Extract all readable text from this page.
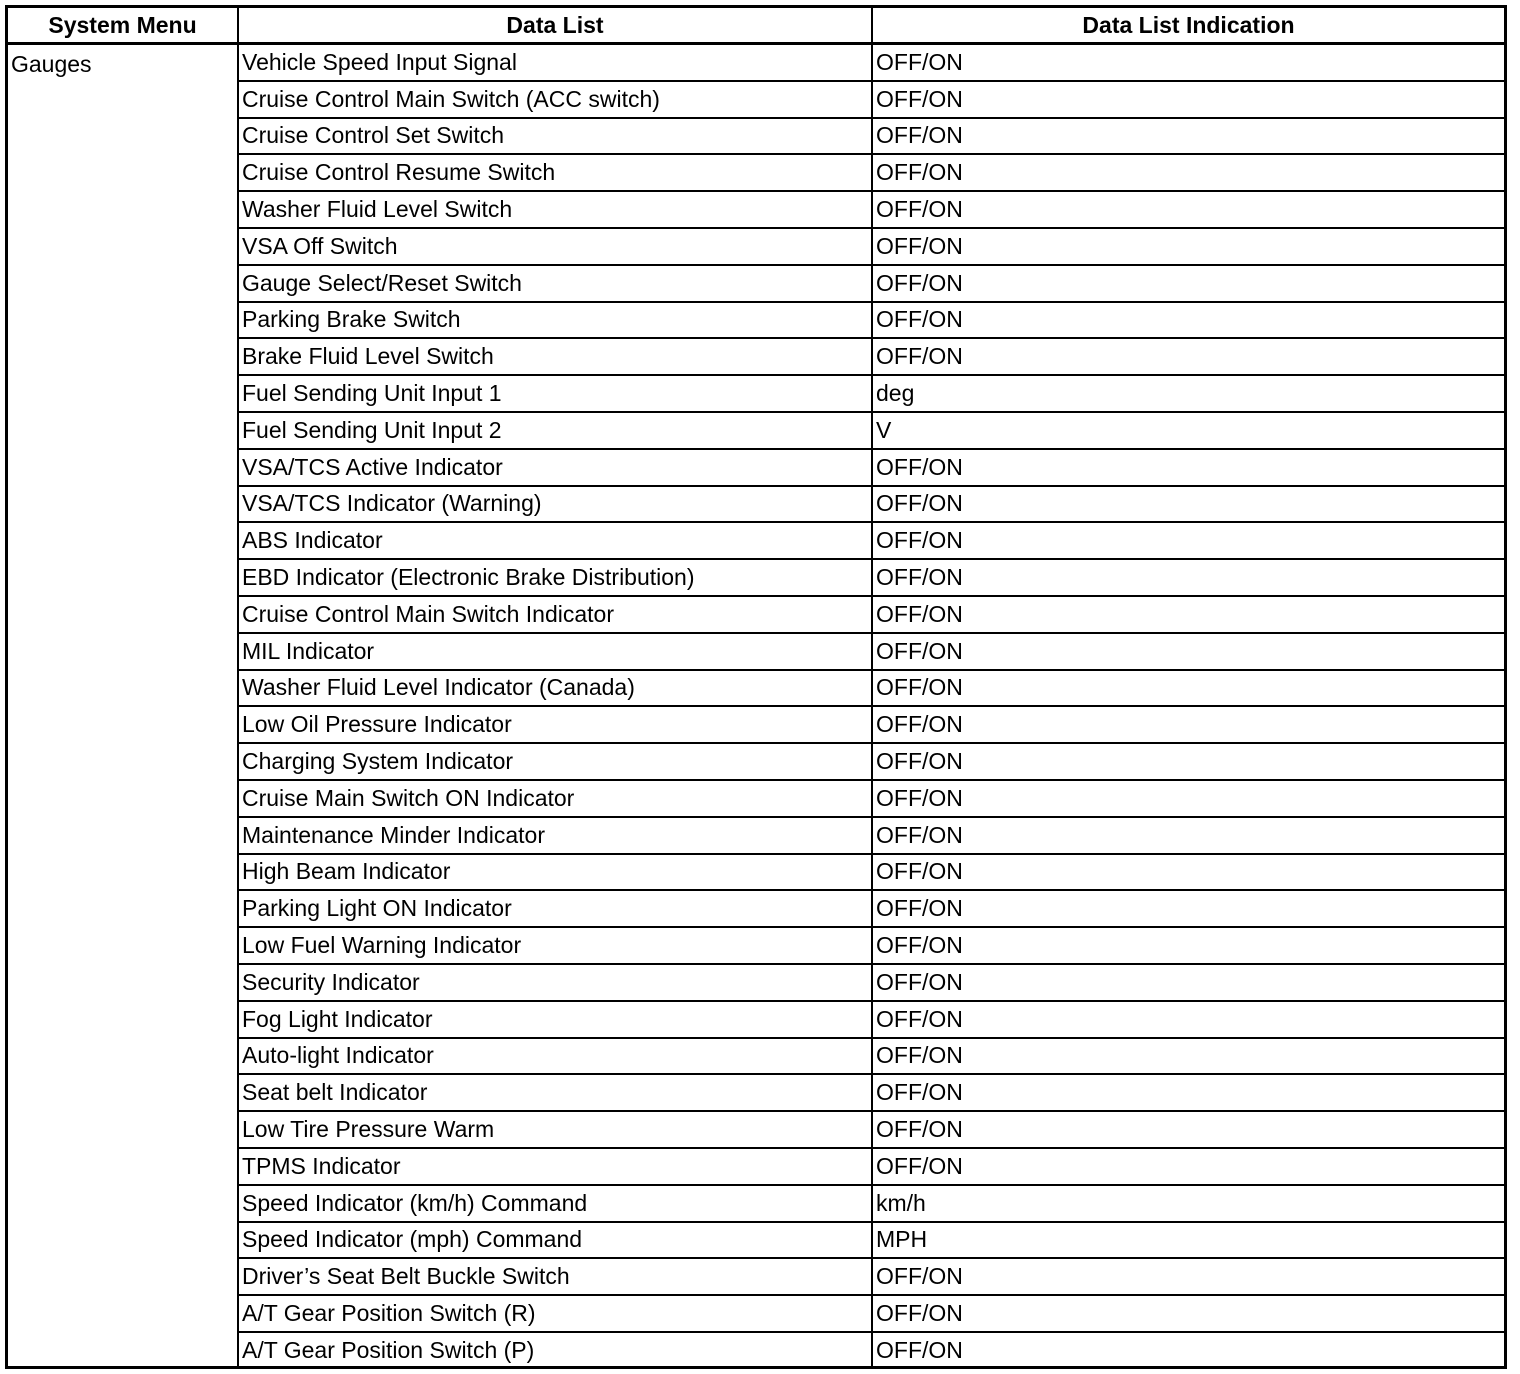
System Menu	Data List	Data List Indication
Gauges	Vehicle Speed Input Signal	OFF/ON
	Cruise Control Main Switch (ACC switch)	OFF/ON
	Cruise Control Set Switch	OFF/ON
	Cruise Control Resume Switch	OFF/ON
	Washer Fluid Level Switch	OFF/ON
	VSA Off Switch	OFF/ON
	Gauge Select/Reset Switch	OFF/ON
	Parking Brake Switch	OFF/ON
	Brake Fluid Level Switch	OFF/ON
	Fuel Sending Unit Input 1	deg
	Fuel Sending Unit Input 2	V
	VSA/TCS Active Indicator	OFF/ON
	VSA/TCS Indicator (Warning)	OFF/ON
	ABS Indicator	OFF/ON
	EBD Indicator (Electronic Brake Distribution)	OFF/ON
	Cruise Control Main Switch Indicator	OFF/ON
	MIL Indicator	OFF/ON
	Washer Fluid Level Indicator (Canada)	OFF/ON
	Low Oil Pressure Indicator	OFF/ON
	Charging System Indicator	OFF/ON
	Cruise Main Switch ON Indicator	OFF/ON
	Maintenance Minder Indicator	OFF/ON
	High Beam Indicator	OFF/ON
	Parking Light ON Indicator	OFF/ON
	Low Fuel Warning Indicator	OFF/ON
	Security Indicator	OFF/ON
	Fog Light Indicator	OFF/ON
	Auto-light Indicator	OFF/ON
	Seat belt Indicator	OFF/ON
	Low Tire Pressure Warm	OFF/ON
	TPMS Indicator	OFF/ON
	Speed Indicator (km/h) Command	km/h
	Speed Indicator (mph) Command	MPH
	Driver’s Seat Belt Buckle Switch	OFF/ON
	A/T Gear Position Switch (R)	OFF/ON
	A/T Gear Position Switch (P)	OFF/ON
